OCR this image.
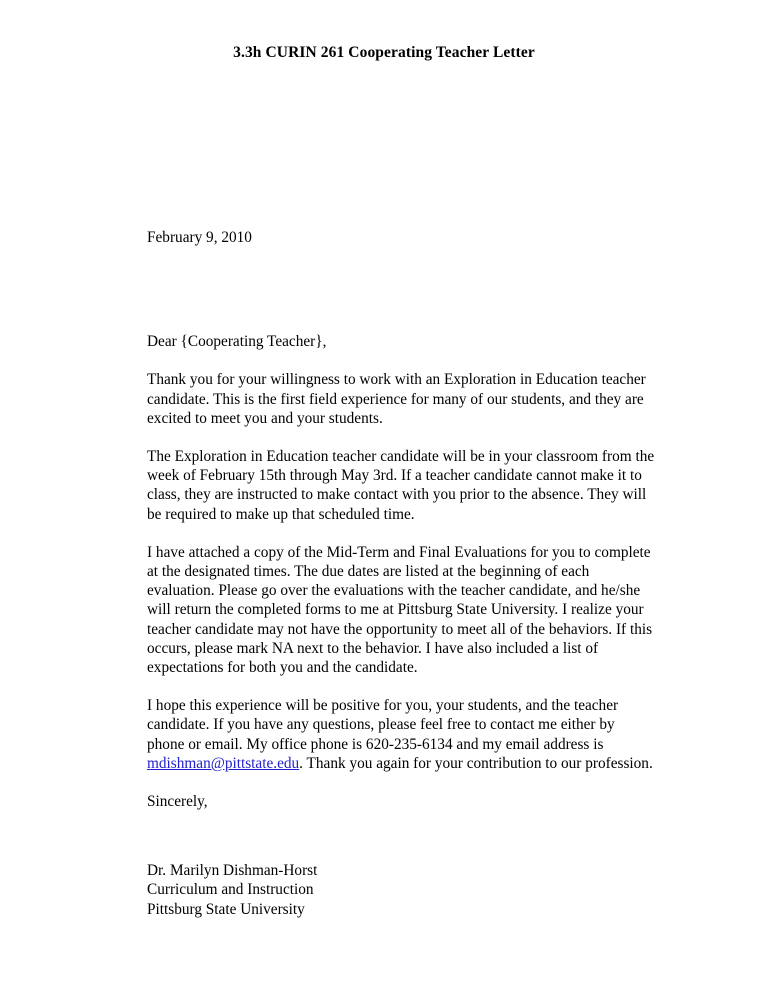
3.3h CURIN 261 Cooperating Teacher Letter
February 9, 2010
Dear {Cooperating Teacher},

Thank you for your willingness to work with an Exploration in Education teacher candidate. This is the first field experience for many of our students, and they are excited to meet you and your students.

The Exploration in Education teacher candidate will be in your classroom from the week of February 15th through May 3rd. If a teacher candidate cannot make it to class, they are instructed to make contact with you prior to the absence. They will be required to make up that scheduled time.

I have attached a copy of the Mid-Term and Final Evaluations for you to complete at the designated times. The due dates are listed at the beginning of each evaluation. Please go over the evaluations with the teacher candidate, and he/she will return the completed forms to me at Pittsburg State University. I realize your teacher candidate may not have the opportunity to meet all of the behaviors. If this occurs, please mark NA next to the behavior. I have also included a list of expectations for both you and the candidate.

I hope this experience will be positive for you, your students, and the teacher candidate. If you have any questions, please feel free to contact me either by phone or email. My office phone is 620-235-6134 and my email address is mdishman@pittstate.edu. Thank you again for your contribution to our profession.

Sincerely,
Dr. Marilyn Dishman-Horst
Curriculum and Instruction
Pittsburg State University
